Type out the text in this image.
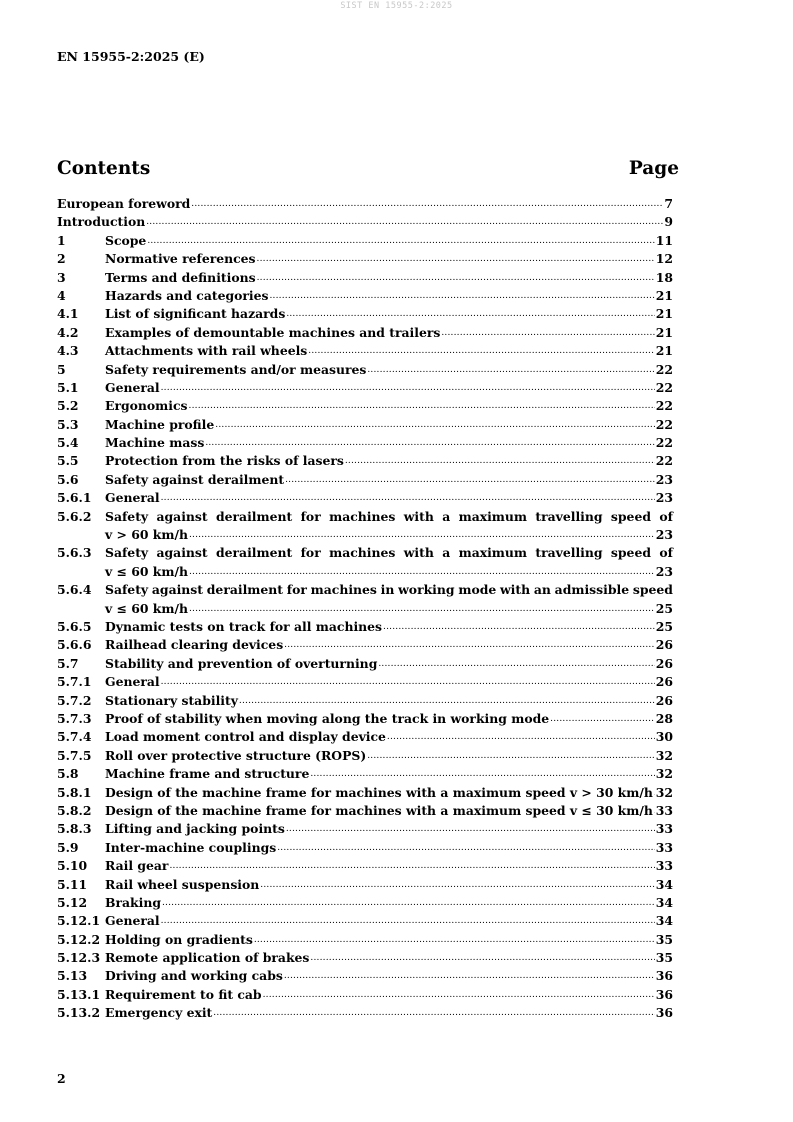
SIST EN 15955-2:2025
EN 15955-2:2025 (E)
Contents	Page
European foreword .....	7
Introduction .....	9
1	Scope .....	11
2	Normative references .....	12
3	Terms and definitions .....	18
4	Hazards and categories .....	21
4.1	List of significant hazards .....	21
4.2	Examples of demountable machines and trailers .....	21
4.3	Attachments with rail wheels .....	21
5	Safety requirements and/or measures .....	22
5.1	General .....	22
5.2	Ergonomics .....	22
5.3	Machine profile .....	22
5.4	Machine mass .....	22
5.5	Protection from the risks of lasers .....	22
5.6	Safety against derailment .....	23
5.6.1	General .....	23
5.6.2	Safety against derailment for machines with a maximum travelling speed of
v > 60 km/h .....	23
5.6.3	Safety against derailment for machines with a maximum travelling speed of
v ≤ 60 km/h .....	23
5.6.4	Safety against derailment for machines in working mode with an admissible speed
v ≤ 60 km/h .....	25
5.6.5	Dynamic tests on track for all machines .....	25
5.6.6	Railhead clearing devices .....	26
5.7	Stability and prevention of overturning .....	26
5.7.1	General .....	26
5.7.2	Stationary stability .....	26
5.7.3	Proof of stability when moving along the track in working mode .....	28
5.7.4	Load moment control and display device .....	30
5.7.5	Roll over protective structure (ROPS) .....	32
5.8	Machine frame and structure .....	32
5.8.1	Design of the machine frame for machines with a maximum speed v > 30 km/h ..... 32
5.8.2	Design of the machine frame for machines with a maximum speed v ≤ 30 km/h ..... 33
5.8.3	Lifting and jacking points .....	33
5.9	Inter-machine couplings .....	33
5.10	Rail gear .....	33
5.11	Rail wheel suspension .....	34
5.12	Braking .....	34
5.12.1 General .....	34
5.12.2 Holding on gradients .....	35
5.12.3 Remote application of brakes .....	35
5.13	Driving and working cabs .....	36
5.13.1 Requirement to fit cab .....	36
5.13.2 Emergency exit .....	36
2
